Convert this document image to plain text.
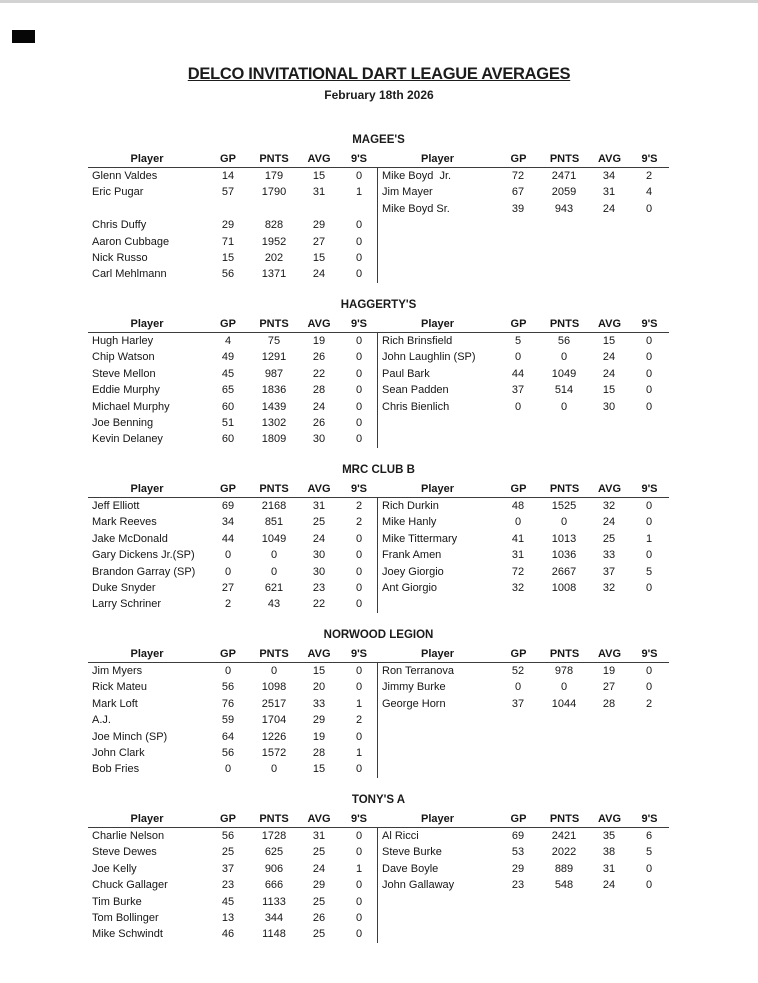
DELCO INVITATIONAL DART LEAGUE AVERAGES
February 18th 2026
MAGEE'S
Player	GP	PNTS	AVG	9'S
Glenn Valdes	14	179	15	0
Eric Pugar	57	1790	31	1
Chris Duffy	29	828	29	0
Aaron Cubbage	71	1952	27	0
Nick Russo	15	202	15	0
Carl Mehlmann	56	1371	24	0
Player	GP	PNTS	AVG	9'S
Mike Boyd  Jr.	72	2471	34	2
Jim Mayer	67	2059	31	4
Mike Boyd Sr.	39	943	24	0
HAGGERTY'S
Player	GP	PNTS	AVG	9'S
Hugh Harley	4	75	19	0
Chip Watson	49	1291	26	0
Steve Mellon	45	987	22	0
Eddie Murphy	65	1836	28	0
Michael Murphy	60	1439	24	0
Joe Benning	51	1302	26	0
Kevin Delaney	60	1809	30	0
Player	GP	PNTS	AVG	9'S
Rich Brinsfield	5	56	15	0
John Laughlin (SP)	0	0	24	0
Paul Bark	44	1049	24	0
Sean Padden	37	514	15	0
Chris Bienlich	0	0	30	0
MRC CLUB B
Player	GP	PNTS	AVG	9'S
Jeff Elliott	69	2168	31	2
Mark Reeves	34	851	25	2
Jake McDonald	44	1049	24	0
Gary Dickens Jr.(SP)	0	0	30	0
Brandon Garray (SP)	0	0	30	0
Duke Snyder	27	621	23	0
Larry Schriner	2	43	22	0
Player	GP	PNTS	AVG	9'S
Rich Durkin	48	1525	32	0
Mike Hanly	0	0	24	0
Mike Tittermary	41	1013	25	1
Frank Amen	31	1036	33	0
Joey Giorgio	72	2667	37	5
Ant Giorgio	32	1008	32	0
NORWOOD LEGION
Player	GP	PNTS	AVG	9'S
Jim Myers	0	0	15	0
Rick Mateu	56	1098	20	0
Mark Loft	76	2517	33	1
A.J.	59	1704	29	2
Joe Minch (SP)	64	1226	19	0
John Clark	56	1572	28	1
Bob Fries	0	0	15	0
Player	GP	PNTS	AVG	9'S
Ron Terranova	52	978	19	0
Jimmy Burke	0	0	27	0
George Horn	37	1044	28	2
TONY'S A
Player	GP	PNTS	AVG	9'S
Charlie Nelson	56	1728	31	0
Steve Dewes	25	625	25	0
Joe Kelly	37	906	24	1
Chuck Gallager	23	666	29	0
Tim Burke	45	1133	25	0
Tom Bollinger	13	344	26	0
Mike Schwindt	46	1148	25	0
Player	GP	PNTS	AVG	9'S
Al Ricci	69	2421	35	6
Steve Burke	53	2022	38	5
Dave Boyle	29	889	31	0
John Gallaway	23	548	24	0
